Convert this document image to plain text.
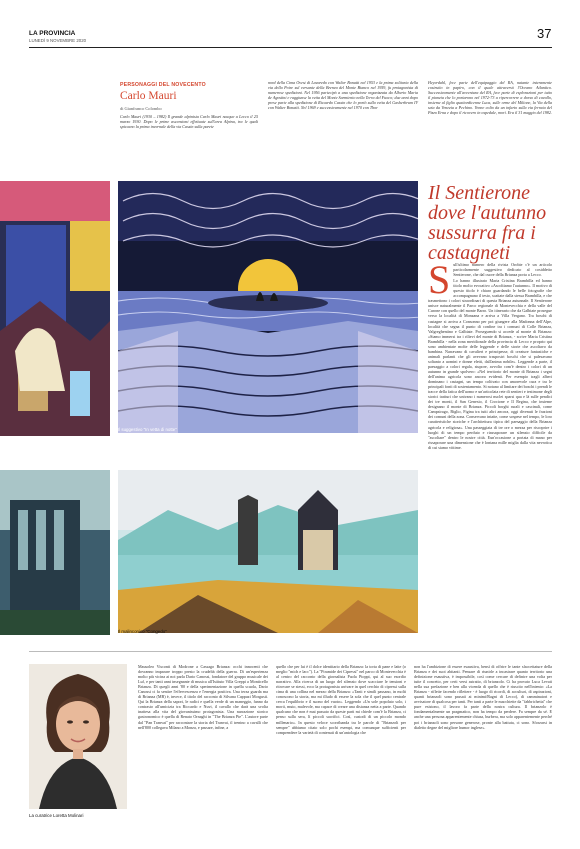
LA PROVINCIA
LUNEDÌ 9 NOVEMBRE 2020	37
PERSONAGGI DEL NOVECENTO
Carlo Mauri
di Gianfranco Colombo
Carlo Mauri (1930 – 1982) Il grande alpinista Carlo Mauri nacque a Lecco il 25 marzo 1930. Dopo le prime ascensioni effettuate sull'area Alpina, tra le quali spiccano la prima invernale della via Cassin sulla parete
nord della Cima Ovest di Lavaredo con Walter Bonatti nel 1953 e la prima solitaria della via della Poire sul versante della Brenva del Monte Bianco nel 1959, fu protagonista di numerose spedizioni. Nel 1956 partecipò a una spedizione organizzata da Alberto Maria de Agostini e raggiunse la vetta del Monte Sarmiento nella Terra del Fuoco; due anni dopo prese parte alla spedizione di Riccardo Cassin che lo portò sulla vetta del Gasherbrum IV con Walter Bonatti. Nel 1969 e successivamente nel 1970 con Thor
Heyerdahl, fece parte dell'equipaggio del RA, natante interamente costruito in papiro, con il quale attraversò l'Oceano Atlantico. Successivamente all'avventura del RA, fece parte di esplorazioni per tutto il pianeta che lo portarono nel 1972-73 a ripercorrere a dorso di cavallo, insieme al figlio quattordicenne Luca, sulle orme del Milione, la Via della seta da Venezia a Pechino. Venne colto da un infarto sulla via ferrata del Pizzo Erna e dopo il ricovero in ospedale, morì. Era il 31 maggio del 1982.
Il suggestivo "In vetta di notte"
Il malinconico "Congedo"
Il Sentierone dove l'autunno sussurra fra i castagneti
S ull'ultimo numero della rivista Orobie c'è un articolo particolarmente suggestivo dedicato al cosiddetto Sentierone, che dal cuore della Brianza porta a Lecco.
Lo hanno illustrato Maria Cristina Brambilla ed hanno titolo molto evocativo «Ascoltiamo l'autunno». Il motivo di questo titolo è chiaro guardando le belle fotografie che accompagnano il testo, scattate dalla stessa Brambilla, e che trasmettono i colori straordinari di questa Brianza autunnale. Il Sentierone unisce naturalmente il Parco regionale di Montevecchia e della valle del Curone con quello del monte Barro. Un itinerario che da Galbiate prosegue verso la località di Monzana e arriva a Villa Vergano. Tra boschi di castagne si arriva a Consonno per poi giungere alla Madonna dell'Alpe, località che segna il punto di confine tra i comuni di Colle Brianza, Valgreghentino e Galbiate. Proseguendo si accede al monte di Brianza: «Siamo immersi tra i rilievi del monte di Brianza, - scrive Maria Cristina Brambilla - nella zona meridionale della provincia di Lecco e proprio qui sono ambientate molte delle leggende e delle storie che ascoltavo da bambina. Narravano di cavalieri e principesse, di creature fantastiche e animali parlanti che gli avevano traspostri boschi che si palesavano soltanto a uomini e donne eletti, dall'anima nobile». Leggende a parte, il paesaggio a colori regala, stupore, avvolto com'è dentro i colori di un autunno in grande spolvero: «Nel territorio del monte di Brianza i segni dell'anima agricola sono ancora evidenti. Per esempio tragli alberi dominano i castagni, un tempo coltivato con amorevole cura e tra le principali fonti di sostentamento. Si notano al limitare dei boschi i prendi le tracce della fatica dell'uomo e un'articolata rete di sentieri e testimone degli storici tratturi che univano i numerosi nuclei sparsi qua e là sulle pendici dei tre monti, il San Genesio, il Crocione e Il Regina, che insieme designano il monte di Brianza. Piccoli borghi rurali e cascinali, come Campsirago, Biglio, Figina tra tutti altri ancora, oggi divenuti le frazioni dei comuni della zona. Conservano intatte, come sospese nel tempo, le loro caratteristiche storiche e l'architettura tipica del paesaggio della Brianza agricola e religiosa». Una passeggiata di tre ore o mezza per riscoprire i luoghi di un tempo perduto e riassaporare un silenzio difficile da "ascoltare" dentro le nostre città. Eun'occasione a portata di mano per rissaporare una dimensione che è lontana mille miglia dalla vita nevrotica di cui siamo vittime.
La curatrice Loretta Molinari
Mausoleo Visconti di Modrone a Cassago Brianza: occhi innocenti che dovranno imparare troppo presto la crudeltà della guerra. Di un'esperienza molto più vicina ai noi parla Dario Canossi, fondatore del gruppo musicale dei Luf, e per tanti anni insegnante di musica all'Istituto Villa Greppi a Monticello Brianza. Di quegli anni '80 e della sperimentazione in quella scuola, Dario Canossi ci fa sentire l'effervescenza e l'energia positiva. Una terza guarda ma di Brianza (MB) è, invece, il titolo del racconto di Silvana Cappuzi Morgusti. Qui la Brianza della sapori, le radici e quella verde di un maneggio, fanno da contrasto all'umicizia tra Riccardo e Nuvi, il cavallo che darà una svolta inattesa alla vita del giovanissimo protagonista. Una narrazione storico gastronomico è quella di Renato Ornaghi in "The Brianza Pie". L'autore parte dal "Pan Tranvai" per raccontare la storia del Tranvai, il trenino a cavalli che nell'800 collegava Milano a Monza, e passare, infine, a
quello che per lui è il dolce identitario della Brianza: la torta di pane e latte (o meglio "mich e lacc"). La "Piramide dei Cipressi" nel parco di Montevecchia è al centro del racconto della giornalista Paola Pioppi, qui al suo esordio narrativo. Alla ricerca di un luogo del silenzio dove scacciare le tensioni e ritrovare se stessi, ecco la protagonista arrivare in quel cerchio di cipressi sulla cima di una collina nel mezzo della Brianza: «Tanti e simili passano, in molti conoscono la storia, ma mi illudo di essere la sola che il quel punto centrale cerca l'equilibrio e il suono del vuoto». Leggendo «Un sole popolato solo, i morti, muto, malevole, ma capace di creare una distanza netta a parte. Quando qualcuno che non è mai passato da queste parti mi chiede com'è la Brianza, ci penso sulla sera, lì piccoli sacrifici. Così, custodi di un piccolo mondo millenario». In questo veloce scorribanda tra le parole di "Brianzoli per sempre" abbiamo citato solo pochi esempi, ma comunque sufficienti per comprendere la varietà di contenuti di un'antologia che
non ha l'ambizione di essere esaustiva, bensì di offrire le tante sfaccettature della Brianza e dei suoi abitanti. Pensare di riunirle a incastrare quanto territorio una definizione esaustiva, è impossibile, così come cercare di definire una volta per tutte il concetto, per certi versi astratto, di brianzolo. Ci ha provato Luca Levati nella sua prefazione e ben alla vicenda di quello che è riuscito nell'intento: «La Brianza - riflette facendo riflettere - è luogo di ricordi, di acculturi, di aspirazioni, quanti brianzoli sono passati ai minimi/Ragni di Lecco), di camminatori e avvisatore di qualcosa per tanti. Per tanti a parte le macchiette da "fabbrichetta" che pure esistono, il lavoro fa parte della nostra cultura. Il brianzolo è fondamentalmente un pragmatico, non ha tempo da perdere. Fa sempre da sé. E anche una persona apparentemente chiusa, burbera, ma solo apparentemente perché poi i brianzoli sono persone generose, pronte alla battuta, ci sono. Sforzarsi in dialetto degne del migliore humor inglese».
